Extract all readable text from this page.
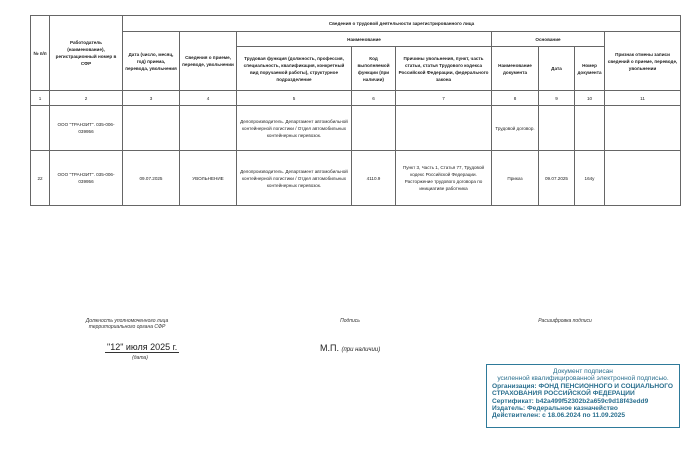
№ п/п	Работодатель (наименование), регистрационный номер в СФР	Сведения о трудовой деятельности зарегистрированного лица								
		Дата (число, месяц, год) приема, перевода, увольнения	Сведения о приеме, переводе, увольнении	Наименование			Основание			Признак отмены записи сведений о приеме, переводе, увольнении
				Трудовая функция (должность, профессия, специальность, квалификация, конкретный вид поручаемой работы), структурное подразделение	Код выполняемой функции (при наличии)	Причины увольнения, пункт, часть статьи, статья Трудового кодекса Российской Федерации, федерального закона	Наименование документа	Дата	Номер документа	
1	2	3	4	5	6	7	8	9	10	11
	ООО "ТРАНЗИТ". 035-006-039956			Делопроизводитель. Департамент автомобильной контейнерной логистики / Отдел автомобильных контейнерных перевозок.			Трудовой договор.			
22	ООО "ТРАНЗИТ". 035-006-039956	09.07.2025	УВОЛЬНЕНИЕ	Делопроизводитель. Департамент автомобильной контейнерной логистики / Отдел автомобильных контейнерных перевозок.	4110.9	Пункт 3, Часть 1, Статья 77, Трудовой кодекс Российской Федерации. Расторжение трудового договора по инициативе работника	Приказ	09.07.2025	164у	
Должность уполномоченного лица территориального органа СФР
Подпись	Расшифровка подписи
"12" июля 2025 г.
(дата)
М.П. (при наличии)
Документ подписан
усиленной квалифицированной электронной подписью.
Организация: ФОНД ПЕНСИОННОГО И СОЦИАЛЬНОГО СТРАХОВАНИЯ РОССИЙСКОЙ ФЕДЕРАЦИИ
Сертификат: b42a499f52302b2a659c9d18f43edd9
Издатель: Федеральное казначейство
Действителен: с 18.06.2024 по 11.09.2025
